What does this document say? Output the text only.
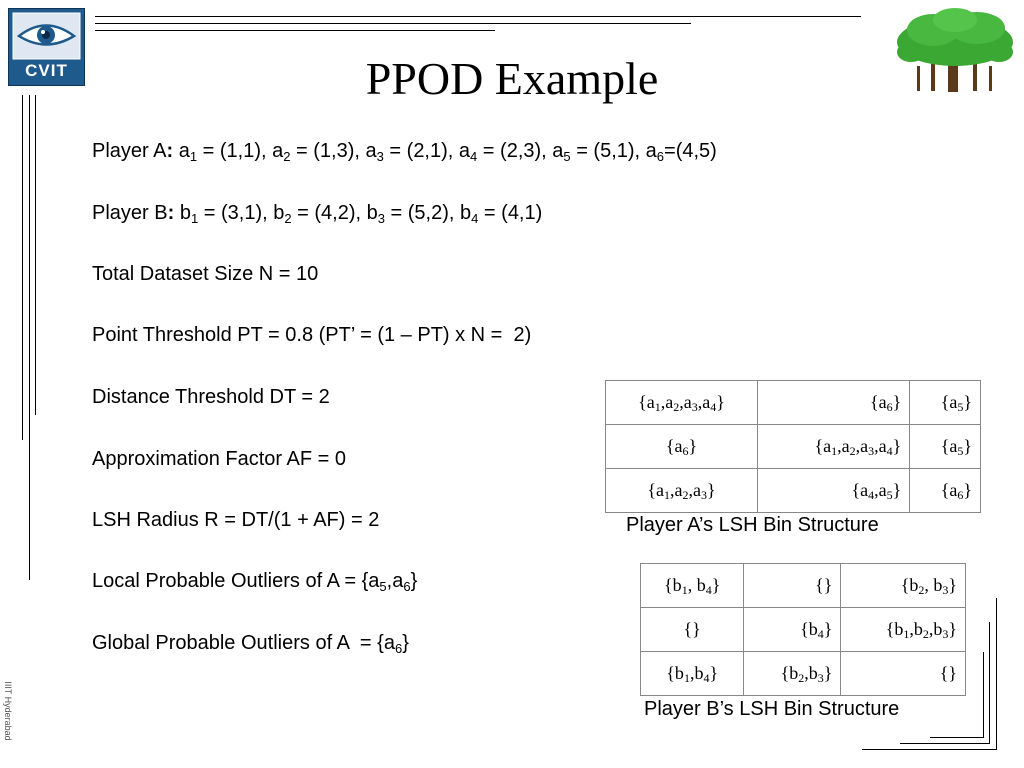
CVIT	PPOD Example
Player A: $a_1 = (1,1)$, $a_2 = (1,3)$, $a_3 = (2,1)$, $a_4 = (2,3)$, $a_5 = (5,1)$, $a_6=(4,5)$
Player B: $b_1 = (3,1)$, $b_2 = (4,2)$, $b_3 = (5,2)$, $b_4 = (4,1)$
Total Dataset Size N = 10
Point Threshold PT = 0.8 (PT’ = (1 – PT) x N =  2)
Distance Threshold DT = 2
Approximation Factor AF = 0
LSH Radius R = DT/(1 + AF) = 2
Local Probable Outliers of $A = \{a_5,a_6\}$
Global Probable Outliers of $A = \{a_6\}$
$\{a_1,a_2,a_3,a_4\}$	$\{a_6\}$	$\{a_5\}$
$\{a_6\}$	$\{a_1,a_2,a_3,a_4\}$	$\{a_5\}$
$\{a_1,a_2,a_3\}$	$\{a_4,a_5\}$	$\{a_6\}$
Player A’s LSH Bin Structure
{$b_1$, $b_4$}	{}	{$b_2$, $b_3$}
{}	$\{b_4\}$	$\{b_1,b_2,b_3\}$
$\{b_1,b_4\}$	$\{b_2,b_3\}$	{}
Player B’s LSH Bin Structure
IIIT Hyderabad
